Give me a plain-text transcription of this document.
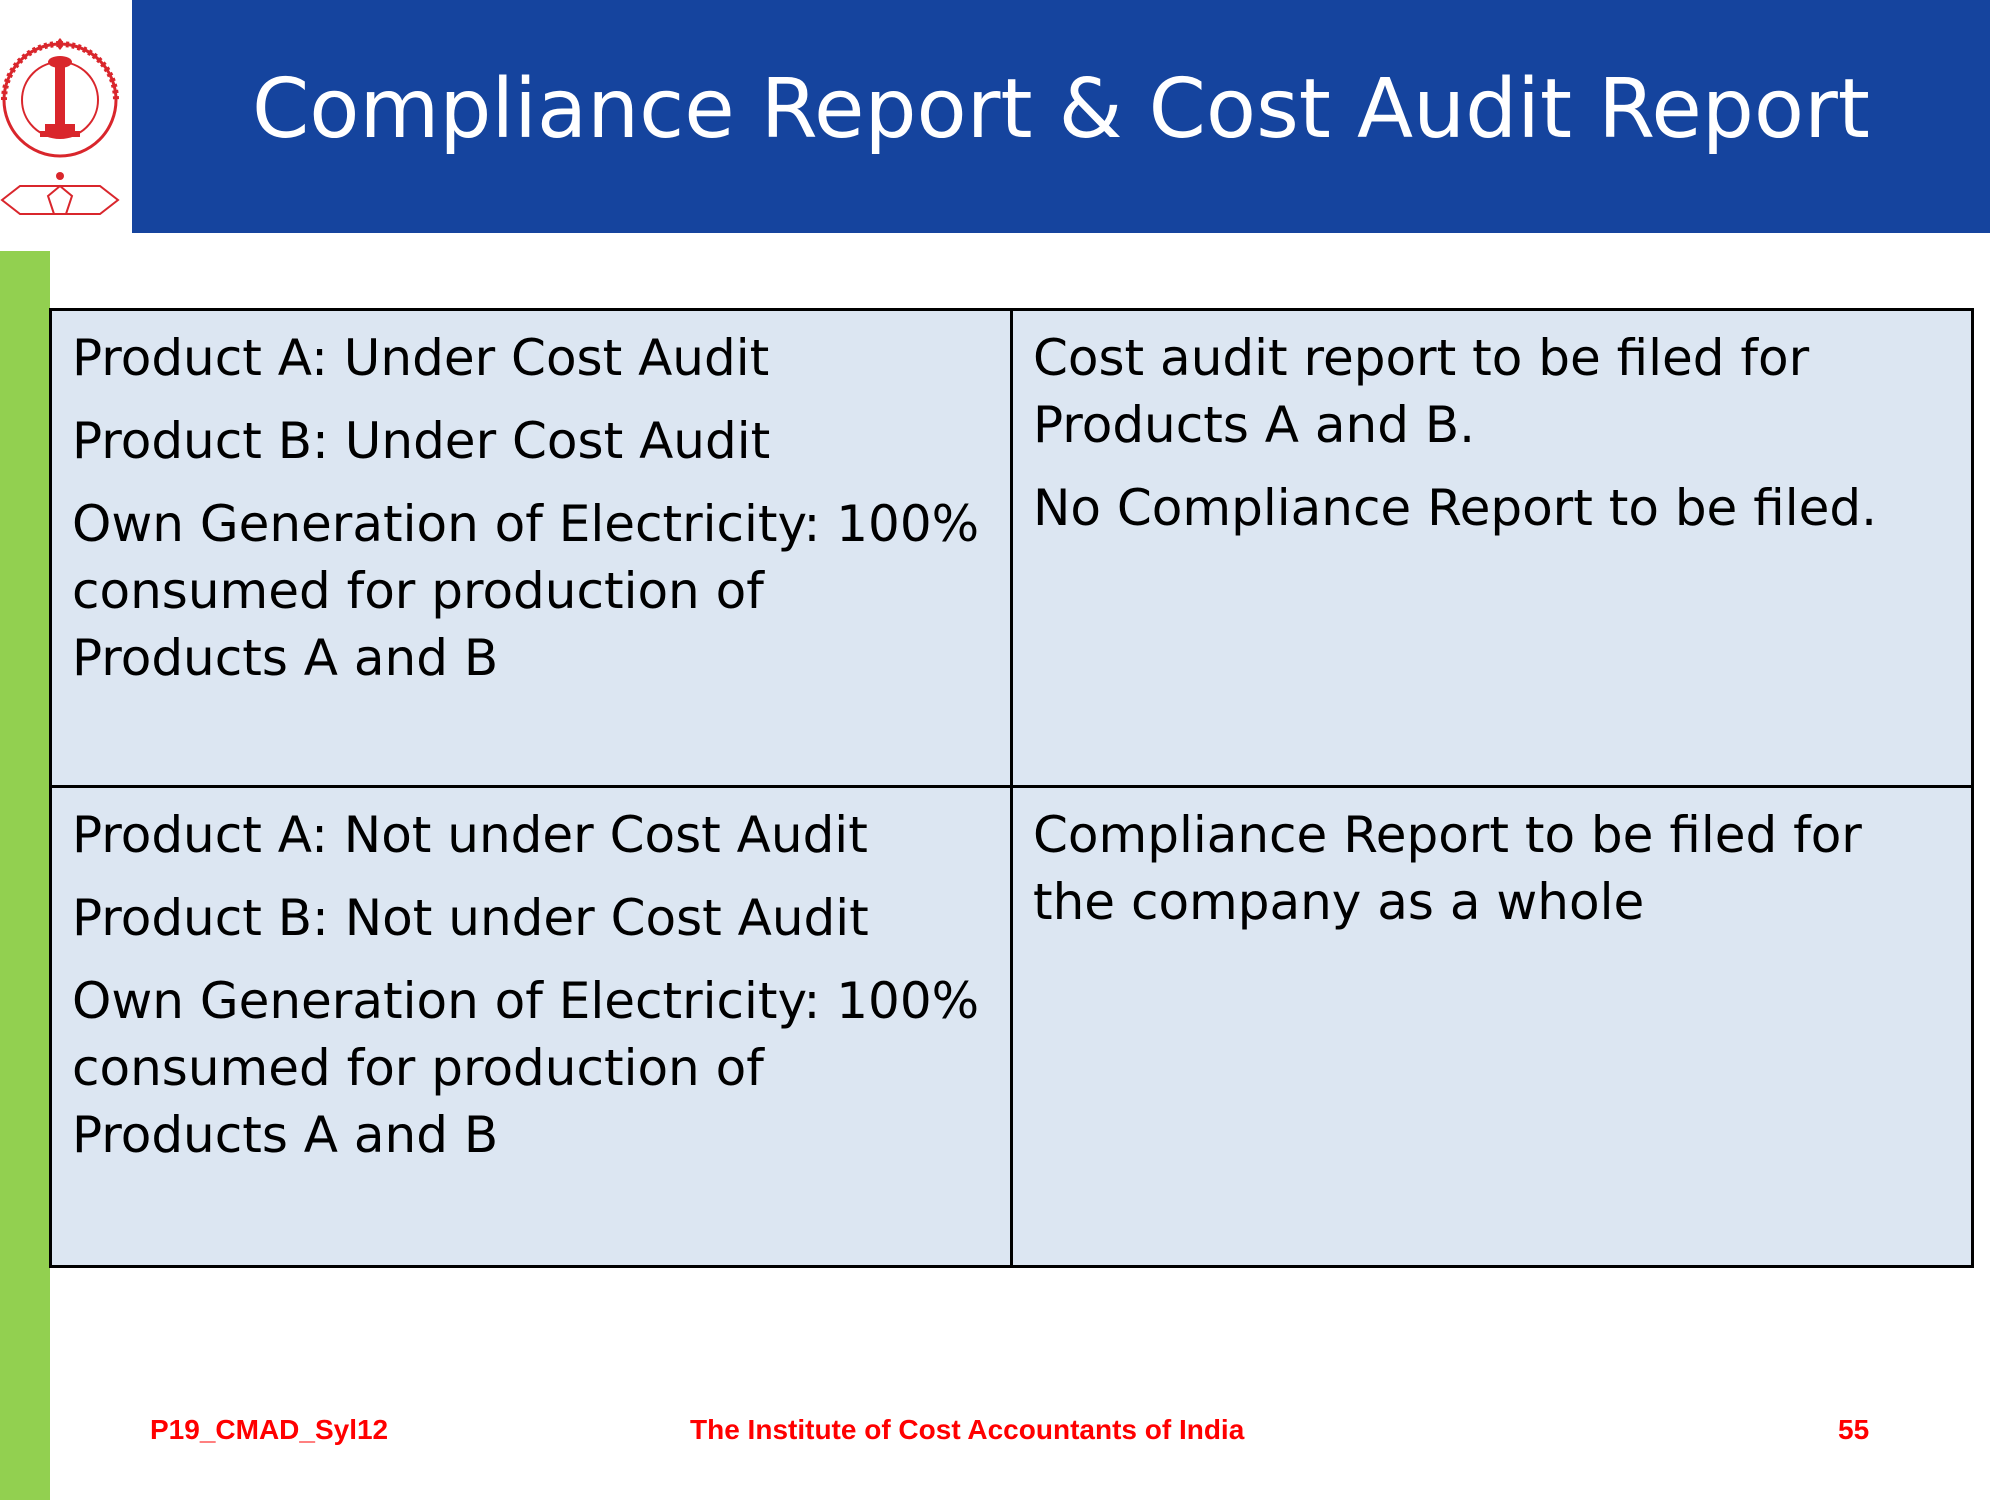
Compliance Report & Cost Audit Report

Product A: Under Cost Audit

Product B: Under Cost Audit

Own Generation of Electricity: 100% consumed for production of Products A and B

Cost audit report to be filed for Products A and B.

No Compliance Report to be filed.

Product A: Not under Cost Audit

Product B: Not under Cost Audit

Own Generation of Electricity: 100% consumed for production of Products A and B

Compliance Report to be filed for the company as a whole

P19_CMAD_Syl12	The Institute of Cost Accountants of India	55
